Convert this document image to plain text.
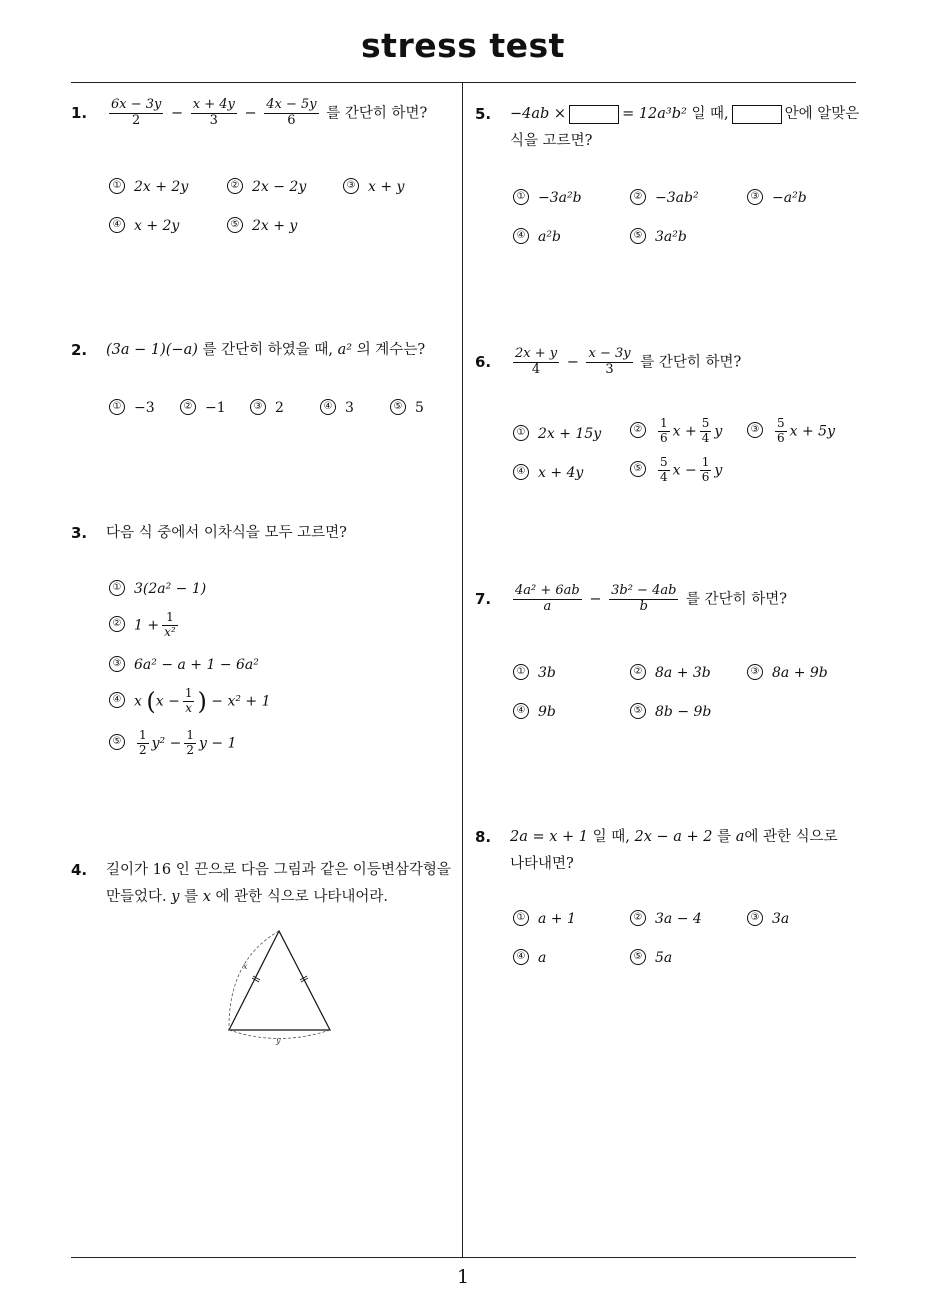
stress test
1
1. $\frac{6x - 3y}{2} - \frac{x + 4y}{3} - \frac{4x - 5y}{6}$ 를 간단히 하면?
① 2x + 2y	② 2x − 2y	③ x + y
④ x + 2y	⑤ 2x + y
2. (3a − 1)(−a) 를 간단히 하였을 때, a² 의 계수는?
① −3	② −1	③ 2	④ 3	⑤ 5
3. 다음 식 중에서 이차식을 모두 고르면?
① 3(2a² − 1)
② $1 + \frac{1}{\text{x²}}$
③ 6a² − a + 1 − 6a²
④ x ($x - \frac{1}{x}$ ) − x² + 1
⑤ $\frac{1}{2} y^2 - \frac{1}{2}$ y − 1
4. 길이가 16 인 끈으로 다음 그림과 같은 이등변삼각형을
만들었다. y 를 x 에 관한 식으로 나타내어라.
x
y
5. −4ab ×	= 12a³b² 일 때,	안에 알맞은
식을 고르면?
① −3a²b	② −3ab²	③ −a²b
④ a²b	⑤ 3a²b
6. $\frac{2x + y}{4} - \frac{x - 3y}{3}$ 를 간단히 하면?
① 2x + 15y	② $\frac{1}{6}$ $x + \frac{5}{4}$ y	③ $\frac{5}{6}$ x + 5y
④ x + 4y	⑤ $\frac{5}{4}$ $x - \frac{1}{6}$ y
7. $\frac{\text{4a² + 6ab}}{a} - \frac{\text{3b² − 4ab}}{b}$ 를 간단히 하면?
① 3b	② 8a + 3b	③ 8a + 9b
④ 9b	⑤ 8b − 9b
8. 2a = x + 1 일 때, 2x − a + 2 를 a에 관한 식으로
나타내면?
① a + 1	② 3a − 4	③ 3a
④ a	⑤ 5a
